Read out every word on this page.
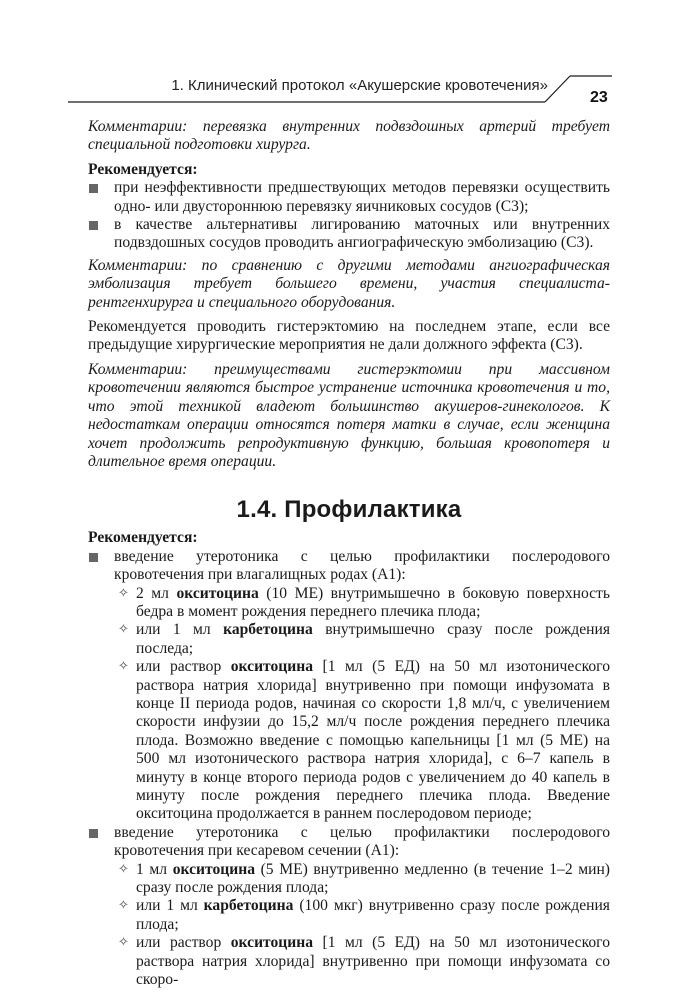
1. Клинический протокол «Акушерские кровотечения»
23

Комментарии: перевязка внутренних подвздошных артерий требует специальной подготовки хирурга.

Рекомендуется:

при неэффективности предшествующих методов перевязки осуществить одно- или двустороннюю перевязку яичниковых сосудов (С3);
в качестве альтернативы лигированию маточных или внутренних подвздошных сосудов проводить ангиографическую эмболизацию (С3).

Комментарии: по сравнению с другими методами ангиографическая эмболизация требует большего времени, участия специалиста-рентгенхирурга и специального оборудования.

Рекомендуется проводить гистерэктомию на последнем этапе, если все предыдущие хирургические мероприятия не дали должного эффекта (С3).

Комментарии: преимуществами гистерэктомии при массивном кровотечении являются быстрое устранение источника кровотечения и то, что этой техникой владеют большинство акушеров-гинекологов. К недостаткам операции относятся потеря матки в случае, если женщина хочет продолжить репродуктивную функцию, большая кровопотеря и длительное время операции.

1.4. Профилактика

Рекомендуется:

введение утеротоника с целью профилактики послеродового кровотечения при влагалищных родах (А1):
✧ 2 мл окситоцина (10 МЕ) внутримышечно в боковую поверхность бедра в момент рождения переднего плечика плода;
✧ или 1 мл карбетоцина внутримышечно сразу после рождения последа;
✧ или раствор окситоцина [1 мл (5 ЕД) на 50 мл изотонического раствора натрия хлорида] внутривенно при помощи инфузомата в конце II периода родов, начиная со скорости 1,8 мл/ч, с увеличением скорости инфузии до 15,2 мл/ч после рождения переднего плечика плода. Возможно введение с помощью капельницы [1 мл (5 МЕ) на 500 мл изотонического раствора натрия хлорида], с 6–7 капель в минуту в конце второго периода родов с увеличением до 40 капель в минуту после рождения переднего плечика плода. Введение окситоцина продолжается в раннем послеродовом периоде;
введение утеротоника с целью профилактики послеродового кровотечения при кесаревом сечении (А1):
✧ 1 мл окситоцина (5 МЕ) внутривенно медленно (в течение 1–2 мин) сразу после рождения плода;
✧ или 1 мл карбетоцина (100 мкг) внутривенно сразу после рождения плода;
✧ или раствор окситоцина [1 мл (5 ЕД) на 50 мл изотонического раствора натрия хлорида] внутривенно при помощи инфузомата со скоро-
